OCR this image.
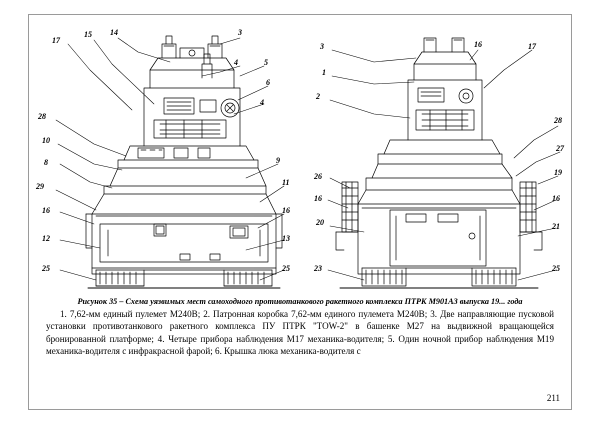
17
15 14	3
4	5
6
4
28
10
8	9
29	11
16	16
12	13
25	25
3
1
2
16	17
28
27
19
26
16	16
20	21
23	25
Рисунок 35 – Схема уязвимых мест самоходного противотанкового ракетного комплекса ПТРК М901А3 выпуска 19... года
1. 7,62-мм единый пулемет М240В; 2. Патронная коробка 7,62-мм единого пулемета М240В; 3. Две направляющие пусковой установки противотанкового ракетного комплекса ПУ ПТРК "TOW-2" в башенке М27 на выдвижной вращающейся бронированной платформе; 4. Четыре прибора наблюдения М17 механика-водителя; 5. Один ночной прибор наблюдения М19 механика-водителя с инфракрасной фарой; 6. Крышка люка механика-водителя с
211
